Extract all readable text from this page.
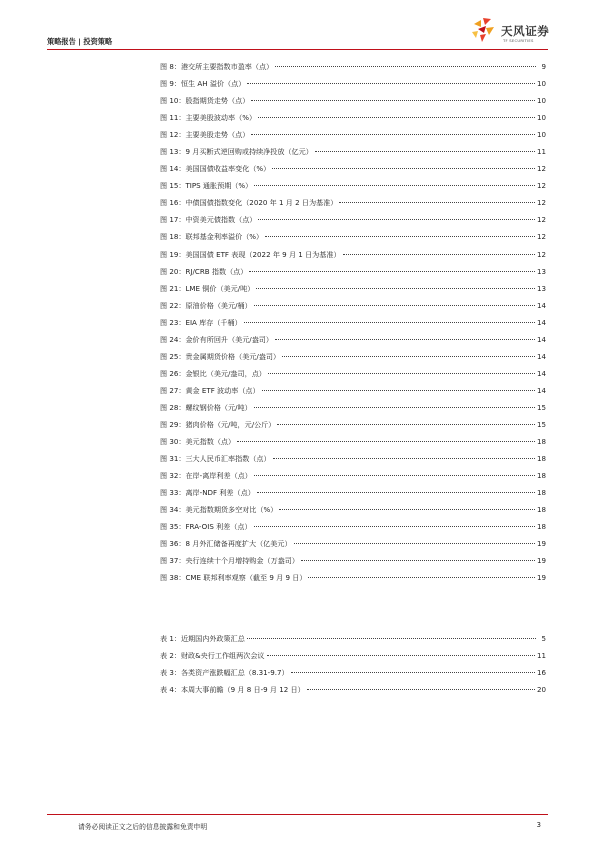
策略报告 | 投资策略
天风证券
TF SECURITIES
图 8：港交所主要指数市盈率（点）	9
图 9：恒生 AH 溢价（点）	10
图 10：股指期货走势（点）	10
图 11：主要美股波动率（%）	10
图 12：主要美股走势（点）	10
图 13：9 月买断式逆回购或持续净投放（亿元）	11
图 14：美国国债收益率变化（%）	12
图 15：TIPS 通胀预期（%）	12
图 16：中债国债指数变化（2020 年 1 月 2 日为基准）	12
图 17：中资美元债指数（点）	12
图 18：联邦基金利率溢价（%）	12
图 19：美国国债 ETF 表现（2022 年 9 月 1 日为基准）	12
图 20：RJ/CRB 指数（点）	13
图 21：LME 铜价（美元/吨）	13
图 22：原油价格（美元/桶）	14
图 23：EIA 库存（千桶）	14
图 24：金价有所回升（美元/盎司）	14
图 25：贵金属期货价格（美元/盎司）	14
图 26：金银比（美元/盎司，点）	14
图 27：黄金 ETF 波动率（点）	14
图 28：螺纹钢价格（元/吨）	15
图 29：猪肉价格（元/吨，元/公斤）	15
图 30：美元指数（点）	18
图 31：三大人民币汇率指数（点）	18
图 32：在岸-离岸利差（点）	18
图 33：离岸-NDF 利差（点）	18
图 34：美元指数期货多空对比（%）	18
图 35：FRA-OIS 利差（点）	18
图 36：8 月外汇储备再度扩大（亿美元）	19
图 37：央行连续十个月增持购金（万盎司）	19
图 38：CME 联邦利率观察（截至 9 月 9 日）	19
表 1：近期国内外政策汇总	5
表 2：财政&央行工作组两次会议	11
表 3：各类资产涨跌幅汇总（8.31-9.7）	16
表 4：本周大事前瞻（9 月 8 日-9 月 12 日）	20
请务必阅读正文之后的信息披露和免责申明	3
